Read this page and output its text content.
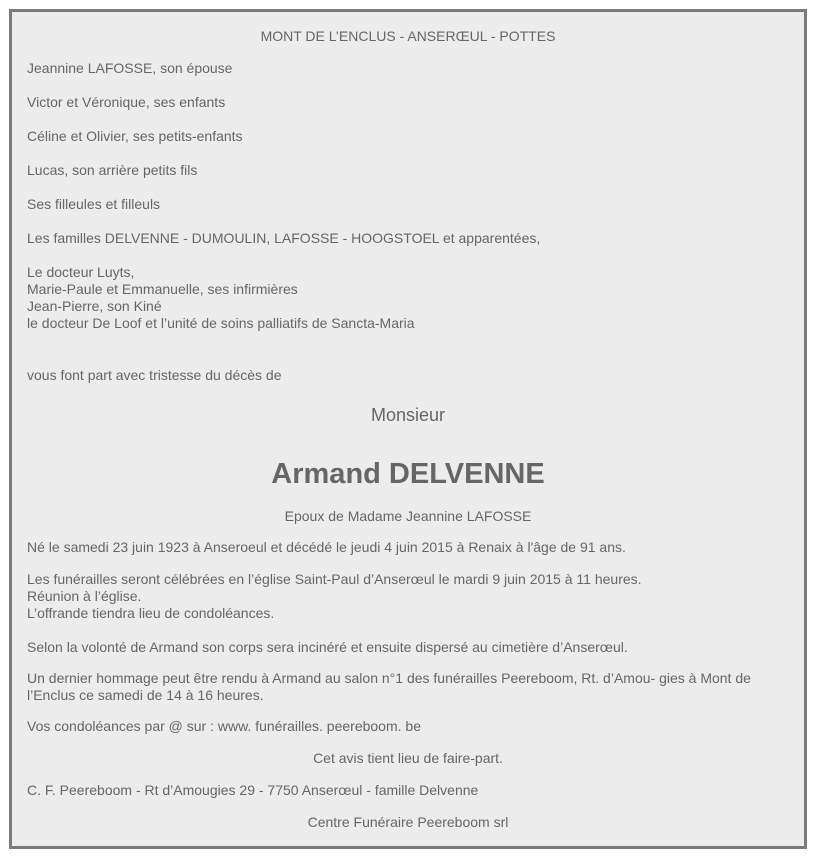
MONT DE L’ENCLUS - ANSERŒUL - POTTES

Jeannine LAFOSSE, son épouse

Victor et Véronique, ses enfants

Céline et Olivier, ses petits-enfants

Lucas, son arrière petits fils

Ses filleules et filleuls

Les familles DELVENNE - DUMOULIN, LAFOSSE - HOOGSTOEL et apparentées,

Le docteur Luyts,
Marie-Paule et Emmanuelle, ses infirmières
Jean-Pierre, son Kiné
le docteur De Loof et l’unité de soins palliatifs de Sancta-Maria

vous font part avec tristesse du décès de

Monsieur

Armand DELVENNE

Epoux de Madame Jeannine LAFOSSE

Né le samedi 23 juin 1923 à Anseroeul et décédé le jeudi 4 juin 2015 à Renaix à l'âge de 91 ans.

Les funérailles seront célébrées en l’église Saint-Paul d’Anserœul le mardi 9 juin 2015 à 11 heures.
Réunion à l’église.
L’offrande tiendra lieu de condoléances.

Selon la volonté de Armand son corps sera incinéré et ensuite dispersé au cimetière d’Anserœul.

Un dernier hommage peut être rendu à Armand au salon n°1 des funérailles Peereboom, Rt. d’Amou- gies à Mont de l’Enclus ce samedi de 14 à 16 heures.

Vos condoléances par @ sur : www. funérailles. peereboom. be

Cet avis tient lieu de faire-part.

C. F. Peereboom - Rt d’Amougies 29 - 7750 Anserœul - famille Delvenne

Centre Funéraire Peereboom srl
